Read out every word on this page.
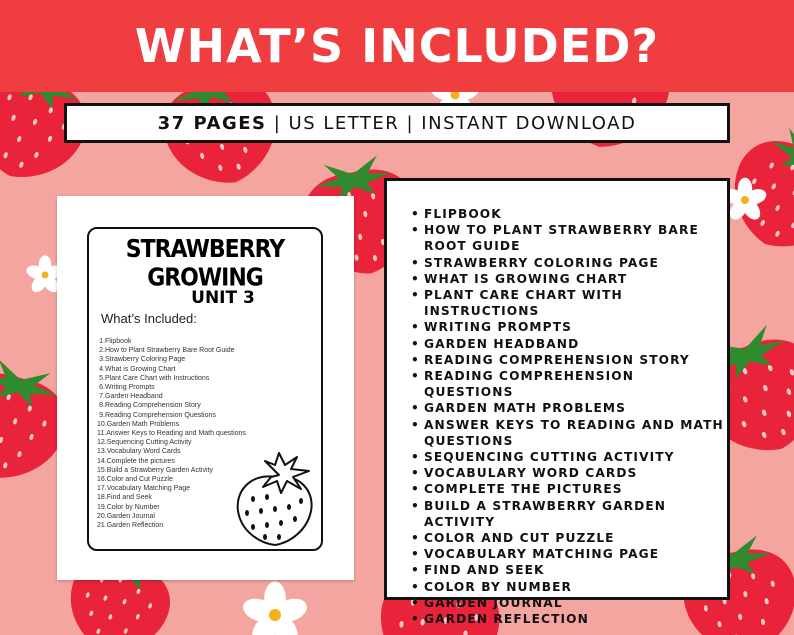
WHAT’S INCLUDED?
37 PAGES | US LETTER | INSTANT DOWNLOAD
STRAWBERRY
GROWING
UNIT 3
What’s Included:
1.Flipbook
2.How to Plant Strawberry Bare Root Guide
3.Strawberry Coloring Page
4.What is Growing Chart
5.Plant Care Chart with Instructions
6.Writing Prompts
7.Garden Headband
8.Reading Comprehension Story
9.Reading Comprehension Questions
10.Garden Math Problems
11.Answer Keys to Reading and Math questions
12.Sequencing Cutting Activity
13.Vocabulary Word Cards
14.Complete the pictures
15.Build a Strawberry Garden Activity
16.Color and Cut Puzzle
17.Vocabulary Matching Page
18.Find and Seek
19.Color by Number
20.Garden Journal
21.Garden Reflection
• FLIPBOOK
• HOW TO PLANT STRAWBERRY BARE ROOT GUIDE
• STRAWBERRY COLORING PAGE
• WHAT IS GROWING CHART
• PLANT CARE CHART WITH INSTRUCTIONS
• WRITING PROMPTS
• GARDEN HEADBAND
• READING COMPREHENSION STORY
• READING COMPREHENSION QUESTIONS
• GARDEN MATH PROBLEMS
• ANSWER KEYS TO READING AND MATH QUESTIONS
• SEQUENCING CUTTING ACTIVITY
• VOCABULARY WORD CARDS
• COMPLETE THE PICTURES
• BUILD A STRAWBERRY GARDEN ACTIVITY
• COLOR AND CUT PUZZLE
• VOCABULARY MATCHING PAGE
• FIND AND SEEK
• COLOR BY NUMBER
• GARDEN JOURNAL
• GARDEN REFLECTION
